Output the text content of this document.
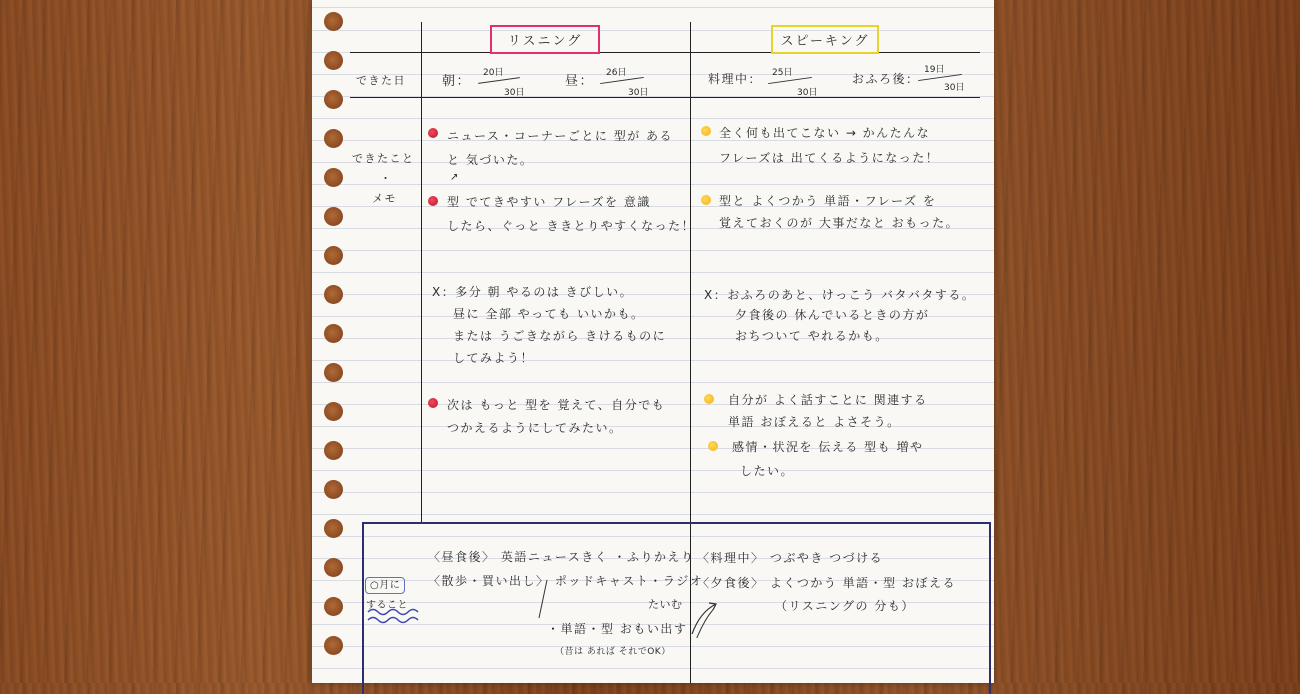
リスニング	スピーキング
できた日
できたこと
・
メモ
朝：
20日
30日
昼：
26日
30日
料理中： 25日
30日
おふろ後：
19日
30日
ニュース・コーナーごとに 型が ある
と 気づいた。
↗
型 でてきやすい フレーズを 意識
したら、ぐっと ききとりやすくなった！
X：多分 朝 やるのは きびしい。
昼に 全部 やっても いいかも。
または うごきながら きけるものに
してみよう！
次は もっと 型を 覚えて、自分でも
つかえるようにしてみたい。
全く何も出てこない → かんたんな
フレーズは 出てくるようになった！
型と よくつかう 単語・フレーズ を
覚えておくのが 大事だなと おもった。
X：おふろのあと、けっこう バタバタする。
夕食後の 休んでいるときの方が
おちついて やれるかも。
自分が よく話すことに 関連する
単語 おぼえると よさそう。
感情・状況を 伝える 型も 増や
したい。
○月に
すること
〈昼食後〉 英語ニュースきく ・ふりかえり
〈散歩・買い出し〉 ポッドキャスト・ラジオ
たいむ
・単語・型 おもい出す
（昔は あれば それでOK）
〈料理中〉 つぶやき つづける
〈夕食後〉 よくつかう 単語・型 おぼえる
（リスニングの 分も）
